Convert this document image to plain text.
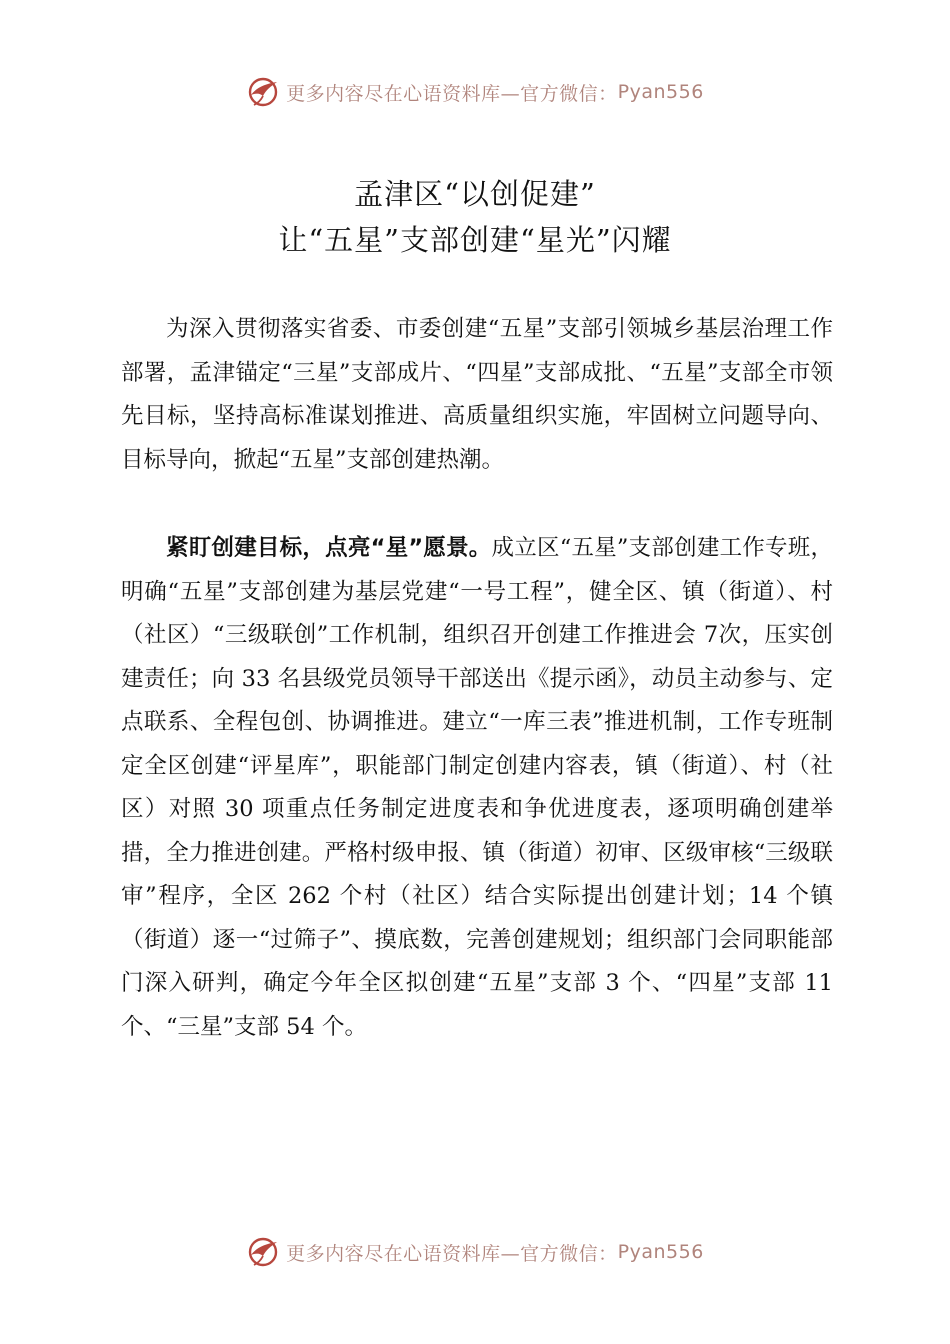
更多内容尽在心语资料库—官方微信： Pyan556
孟津区“以创促建”
让“五星”支部创建“星光”闪耀

为深入贯彻落实省委、市委创建“五星”支部引领城乡基层治理工作部署，孟津锚定“三星”支部成片、“四星”支部成批、“五星”支部全市领先目标，坚持高标准谋划推进、高质量组织实施，牢固树立问题导向、目标导向，掀起“五星”支部创建热潮。

紧盯创建目标，点亮“星”愿景。成立区“五星”支部创建工作专班，明确“五星”支部创建为基层党建“一号工程”，健全区、镇（街道）、村（社区）“三级联创”工作机制，组织召开创建工作推进会 7次，压实创建责任；向 33 名县级党员领导干部送出《提示函》，动员主动参与、定点联系、全程包创、协调推进。建立“一库三表”推进机制，工作专班制定全区创建“评星库”，职能部门制定创建内容表，镇（街道）、村（社区）对照 30 项重点任务制定进度表和争优进度表，逐项明确创建举措，全力推进创建。严格村级申报、镇（街道）初审、区级审核“三级联审”程序，全区 262 个村（社区）结合实际提出创建计划；14 个镇（街道）逐一“过筛子”、摸底数，完善创建规划；组织部门会同职能部门深入研判，确定今年全区拟创建“五星”支部 3 个、“四星”支部 11 个、“三星”支部 54 个。

更多内容尽在心语资料库—官方微信： Pyan556
